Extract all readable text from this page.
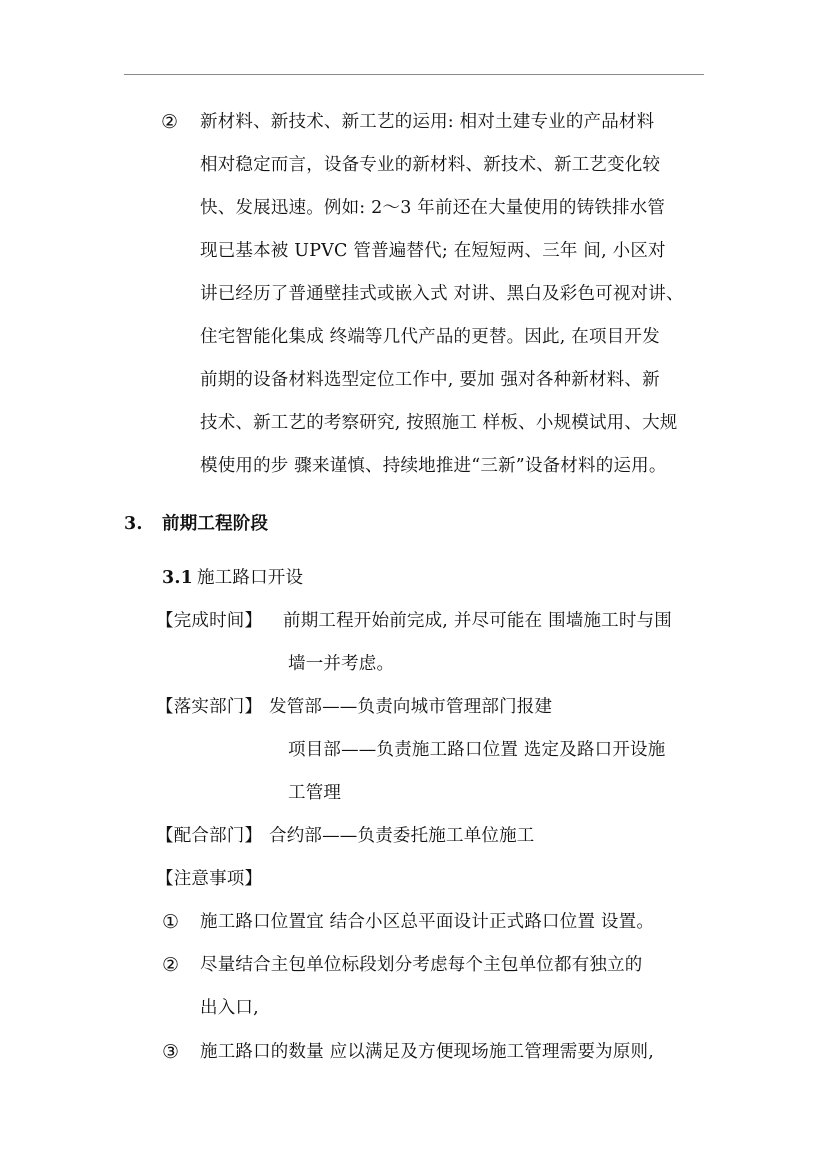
② 新材料、新技术、新工艺的运用: 相对土建专业的产品材料
相对稳定而言，设备专业的新材料、新技术、新工艺变化较
快、发展迅速。例如: 2～3 年前还在大量使用的铸铁排水管
现已基本被 UPVC 管普遍替代; 在短短两、三年 间, 小区对
讲已经历了普通壁挂式或嵌入式 对讲、黑白及彩色可视对讲、
住宅智能化集成 终端等几代产品的更替。因此, 在项目开发
前期的设备材料选型定位工作中, 要加 强对各种新材料、新
技术、新工艺的考察研究, 按照施工 样板、小规模试用、大规
模使用的步 骤来谨慎、持续地推进“三新”设备材料的运用。
3. 前期工程阶段
3.1 施工路口开设
【完成时间】 前期工程开始前完成, 并尽可能在 围墙施工时与围
墙一并考虑。
【落实部门】 发管部——负责向城市管理部门报建
项目部——负责施工路口位置 选定及路口开设施
工管理
【配合部门】 合约部——负责委托施工单位施工
【注意事项】
① 施工路口位置宜 结合小区总平面设计正式路口位置 设置。
② 尽量结合主包单位标段划分考虑每个主包单位都有独立的
出入口,
③ 施工路口的数量 应以满足及方便现场施工管理需要为原则,
